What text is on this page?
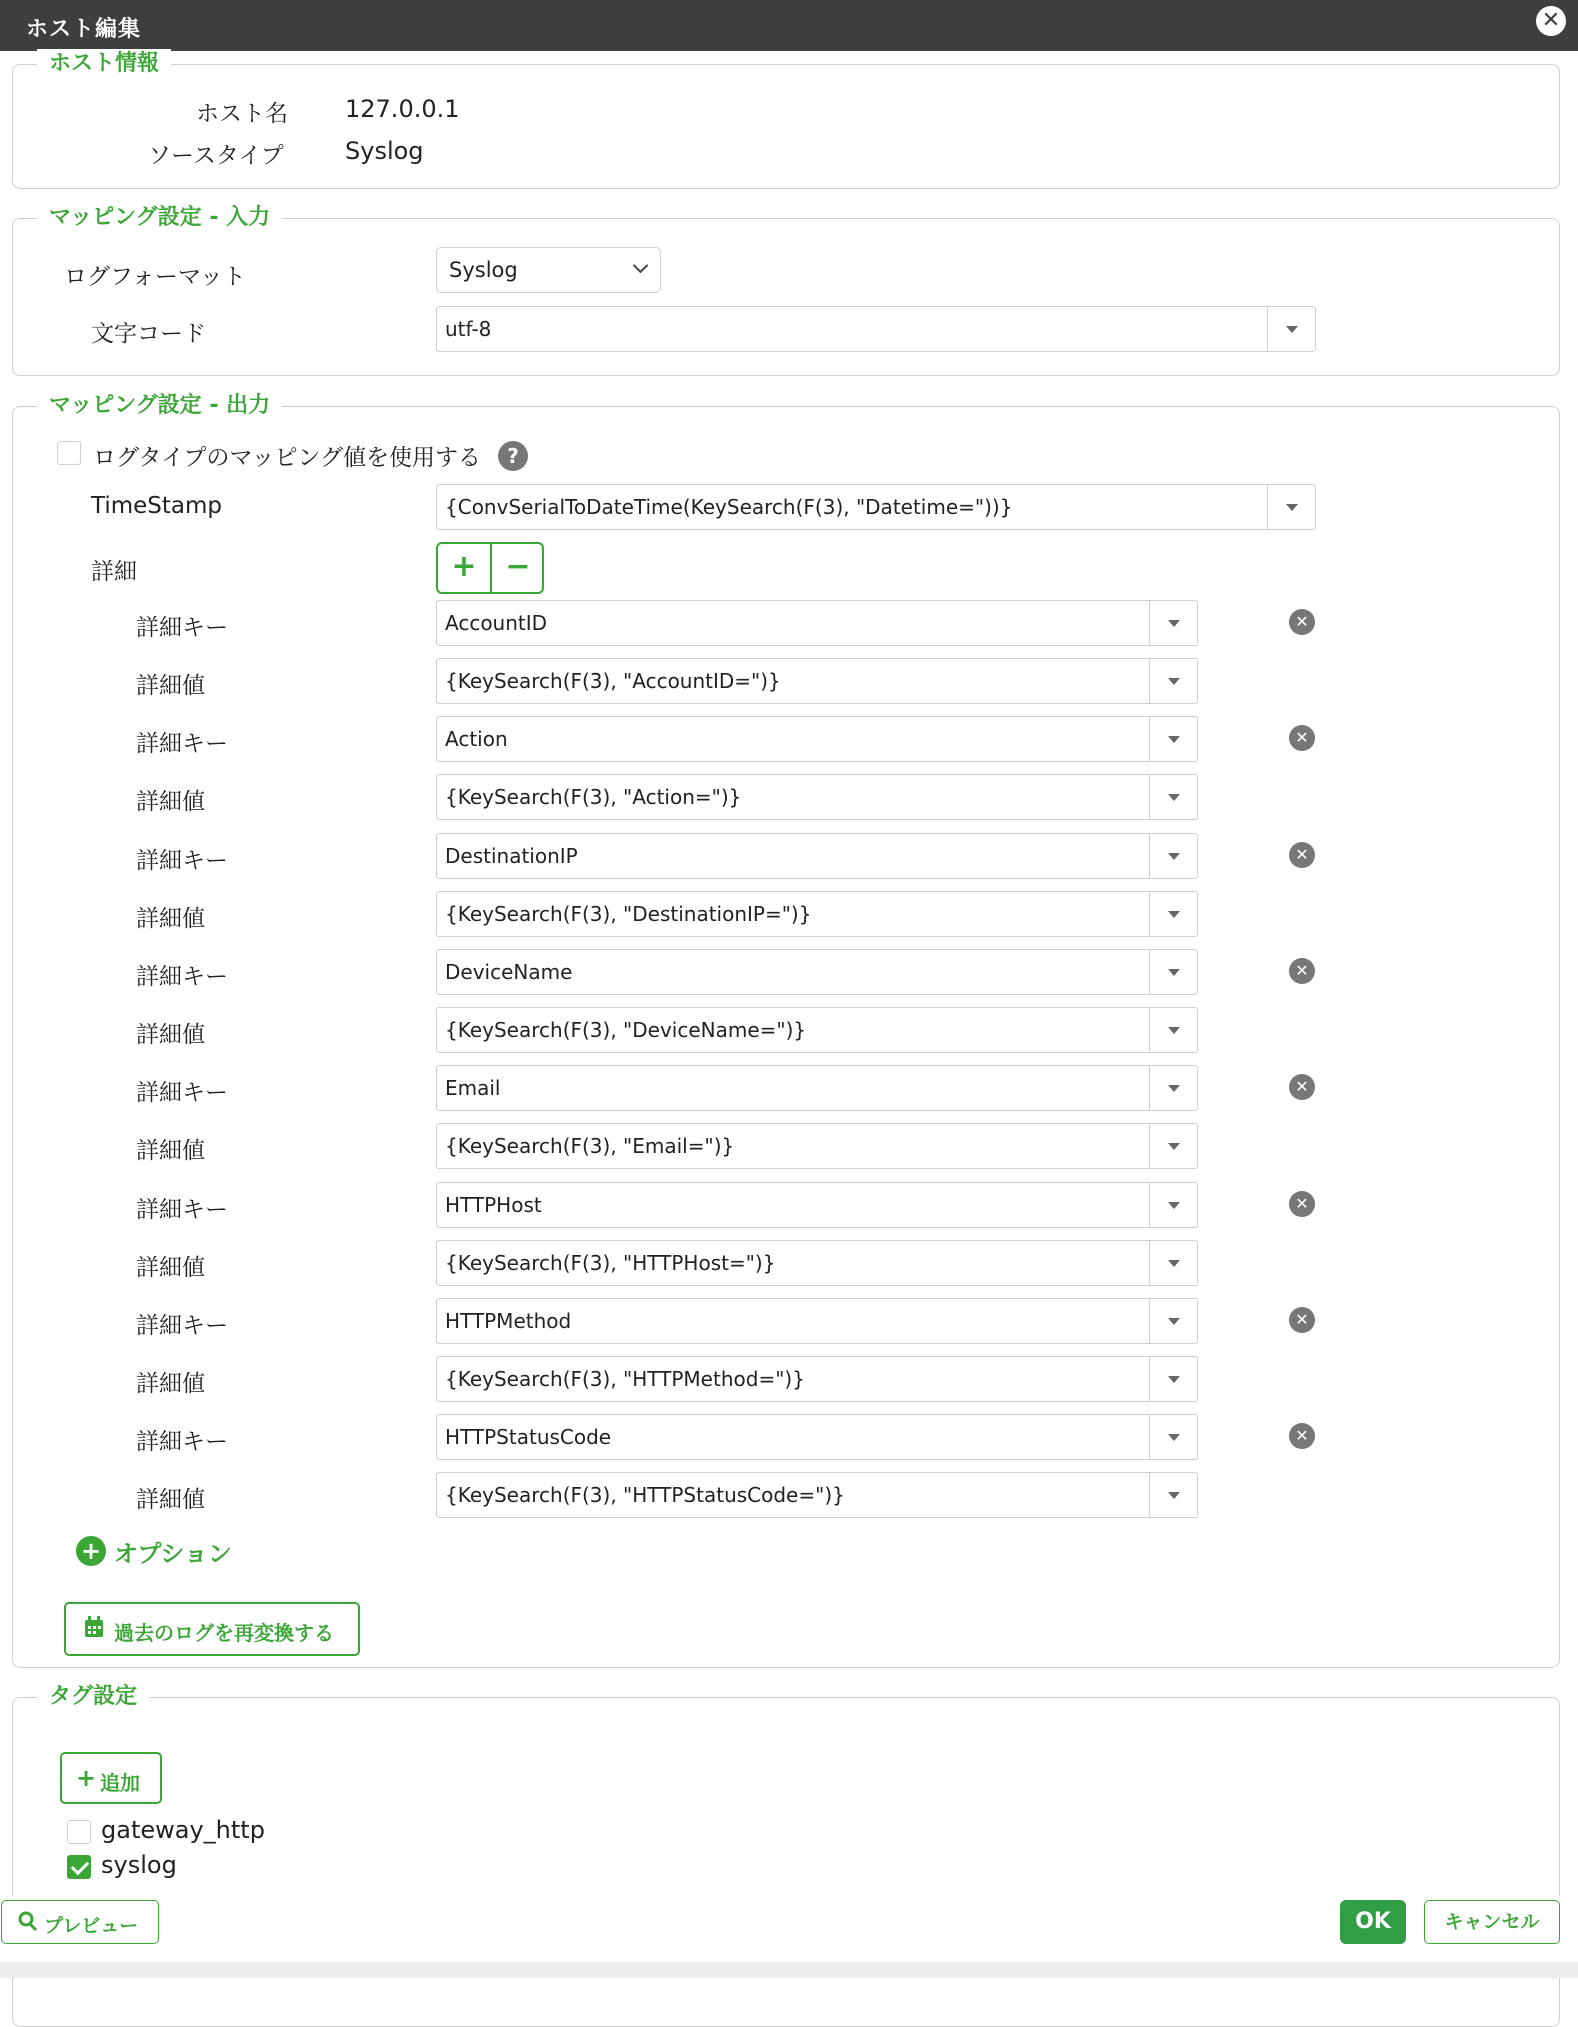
ホスト編集	✕
ホスト情報
ホスト名 127.0.0.1
ソースタイプ	Syslog
マッピング設定 - 入力
ログフォーマット	Syslog
文字コード	utf-8
マッピング設定 - 出力
ログタイプのマッピング値を使用する	?
TimeStamp	{ConvSerialToDateTime(KeySearch(F(3), "Datetime="))}
詳細
詳細キー	AccountID	✕
詳細値	{KeySearch(F(3), "AccountID=")}
詳細キー	Action	✕
詳細値	{KeySearch(F(3), "Action=")}
詳細キー	DestinationIP	✕
詳細値	{KeySearch(F(3), "DestinationIP=")}
詳細キー	DeviceName	✕
詳細値	{KeySearch(F(3), "DeviceName=")}
詳細キー	Email	✕
詳細値	{KeySearch(F(3), "Email=")}
詳細キー	HTTPHost	✕
詳細値	{KeySearch(F(3), "HTTPHost=")}
詳細キー	HTTPMethod	✕
詳細値	{KeySearch(F(3), "HTTPMethod=")}
詳細キー	HTTPStatusCode	✕
詳細値	{KeySearch(F(3), "HTTPStatusCode=")}
過去のログを再変換する
+ −
+ オプション
タグ設定
+ 追加
gateway_http
syslog
プレビュー	OK	キャンセル
